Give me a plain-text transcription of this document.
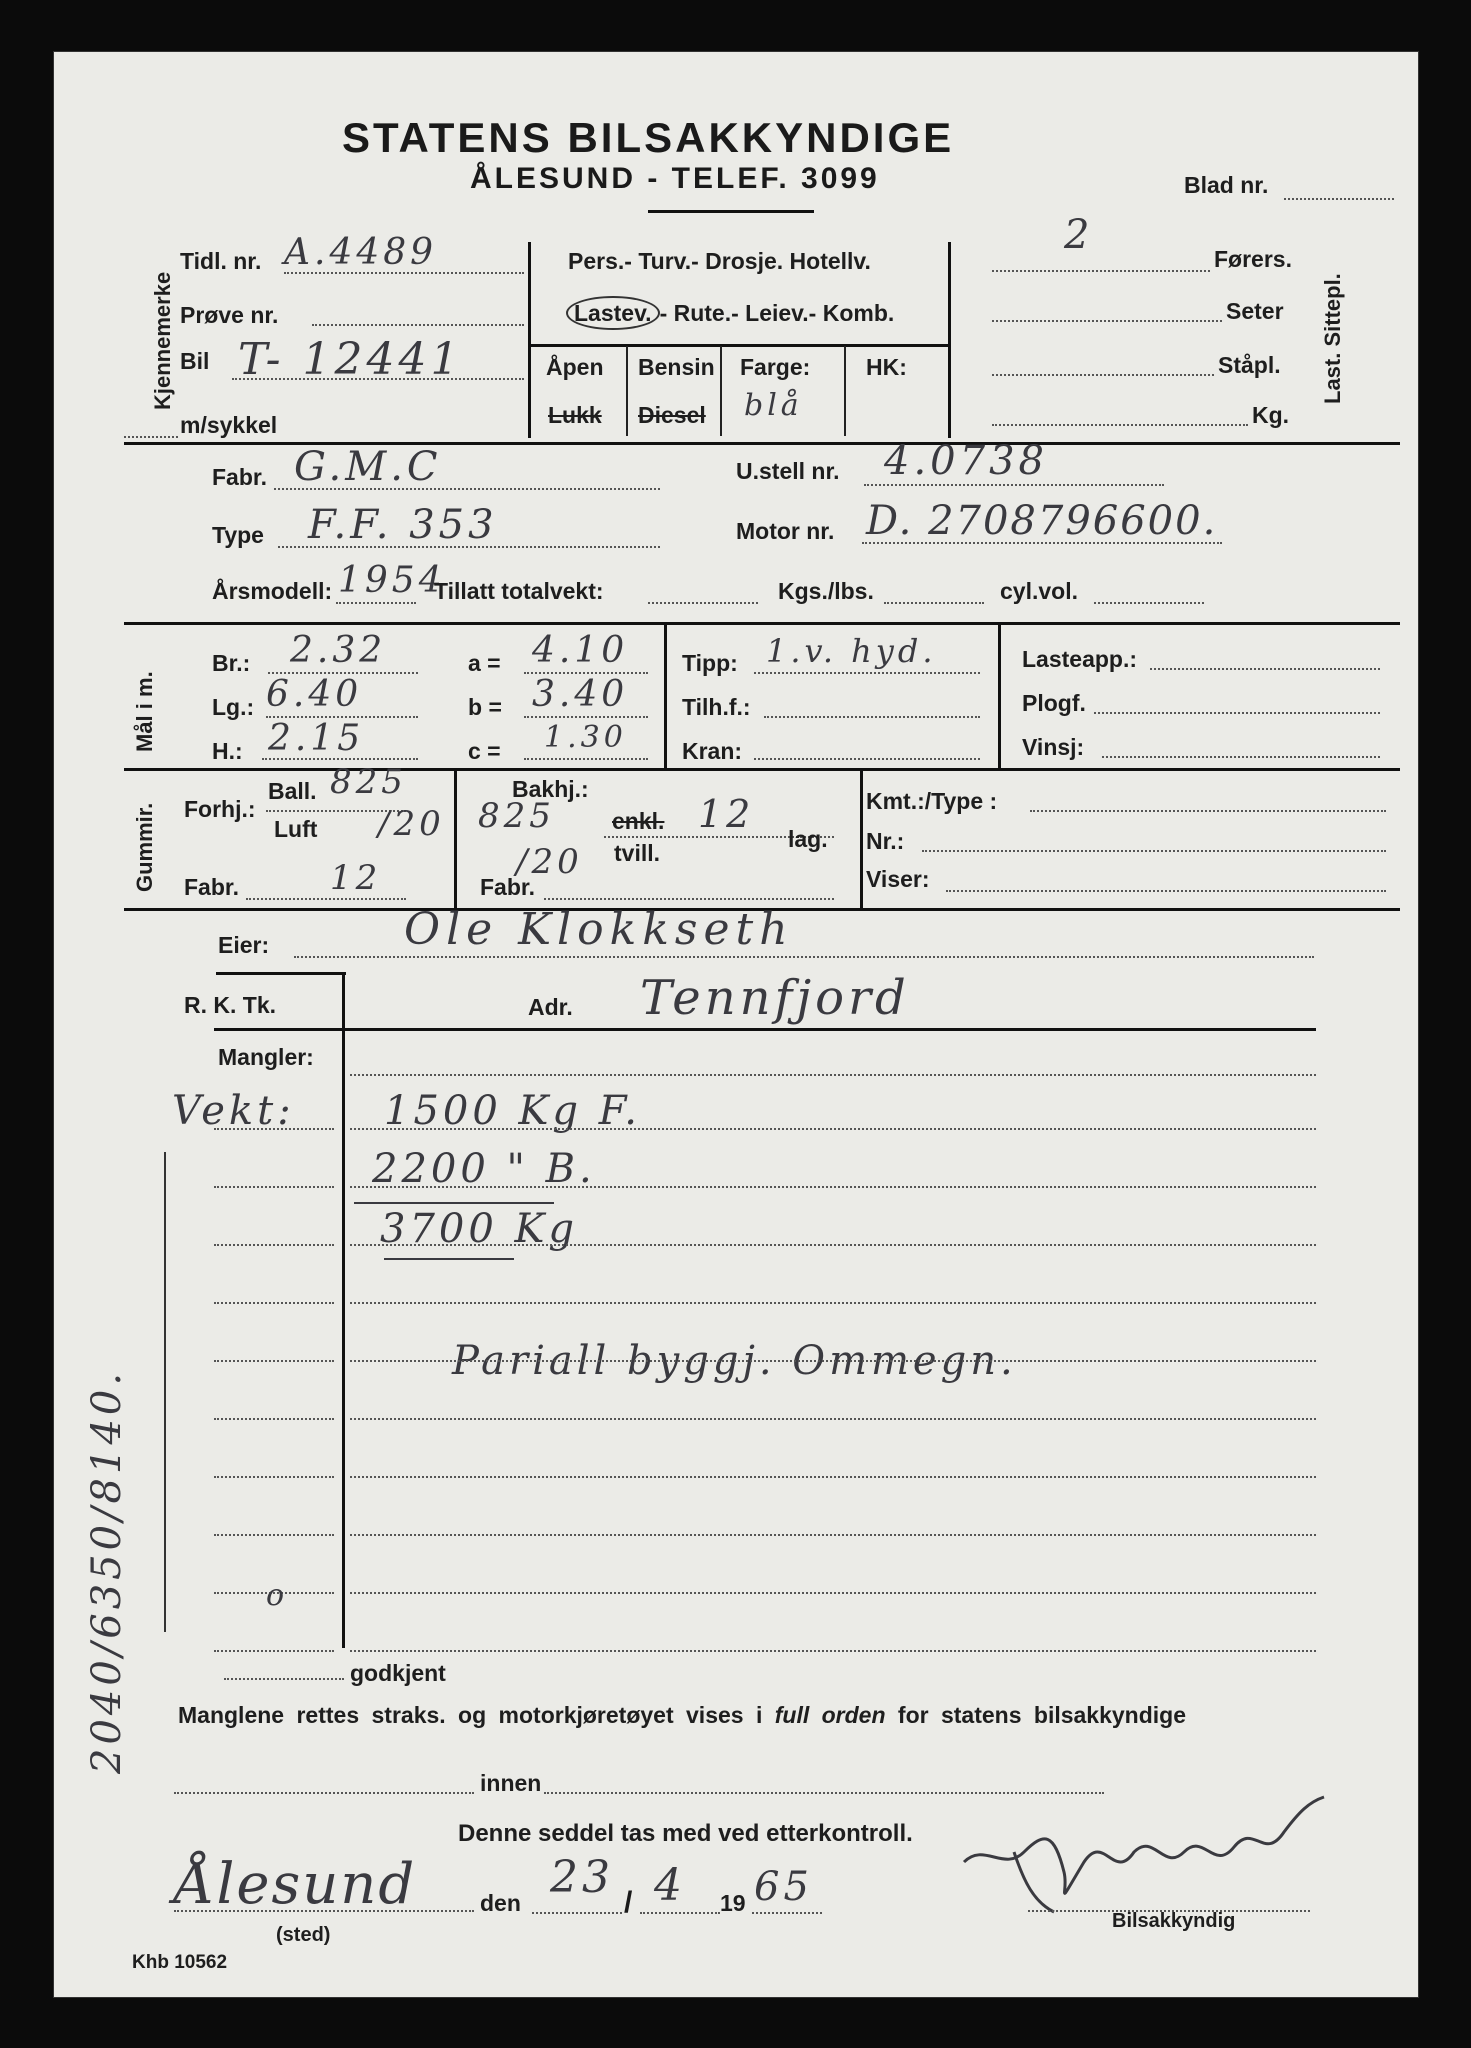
STATENS BILSAKKYNDIGE
ÅLESUND - TELEF. 3099	Blad nr.
Kjennemerke
Tidl. nr. A.4489
Prøve nr.
Bil T- 12441
m/sykkel
Pers.- Turv.- Drosje. Hotellv.
Lastev. - Rute.- Leiev.- Komb.
Åpen
Lukk
Bensin
Diesel
Farge:
blå
HK:
2
Førers.
Seter
Ståpl.
Kg.
Last. Sittepl.
Fabr. G.M.C	U.stell nr. 4.0738
Type F.F. 353	Motor nr. D. 2708796600.
Årsmodell: 1954
Tillatt totalvekt:	Kgs./lbs.	cyl.vol.
Mål i m.
Br.: 2.32
Lg.: 6.40
H.: 2.15
a = 4.10
b = 3.40
c = 1.30
Tipp: 1.v. hyd.
Tilh.f.:
Kran:
Lasteapp.:
Plogf.
Vinsj:
Gummir. Forhj.:
Ball. 825
Luft /20
Fabr.	12
Bakhj.:
825
/20
enkl. 12
tvill.
lag.
Fabr.
Kmt.:/Type :
Nr.:
Viser:
Eier:	Ole Klokkseth
R. K. Tk.	Adr. Tennfjord
Mangler:
Vekt: 1500 Kg F.
2200 " B.
3700 Kg
Pariall byggj. Ommegn.
2040/6350/8140.	o
godkjent
Manglene rettes straks. og motorkjøretøyet vises i full orden for statens bilsakkyndige
innen
Denne seddel tas med ved etterkontroll.
Ålesund
(sted)
den 23 / 4 19 65
Bilsakkyndig
Khb 10562
